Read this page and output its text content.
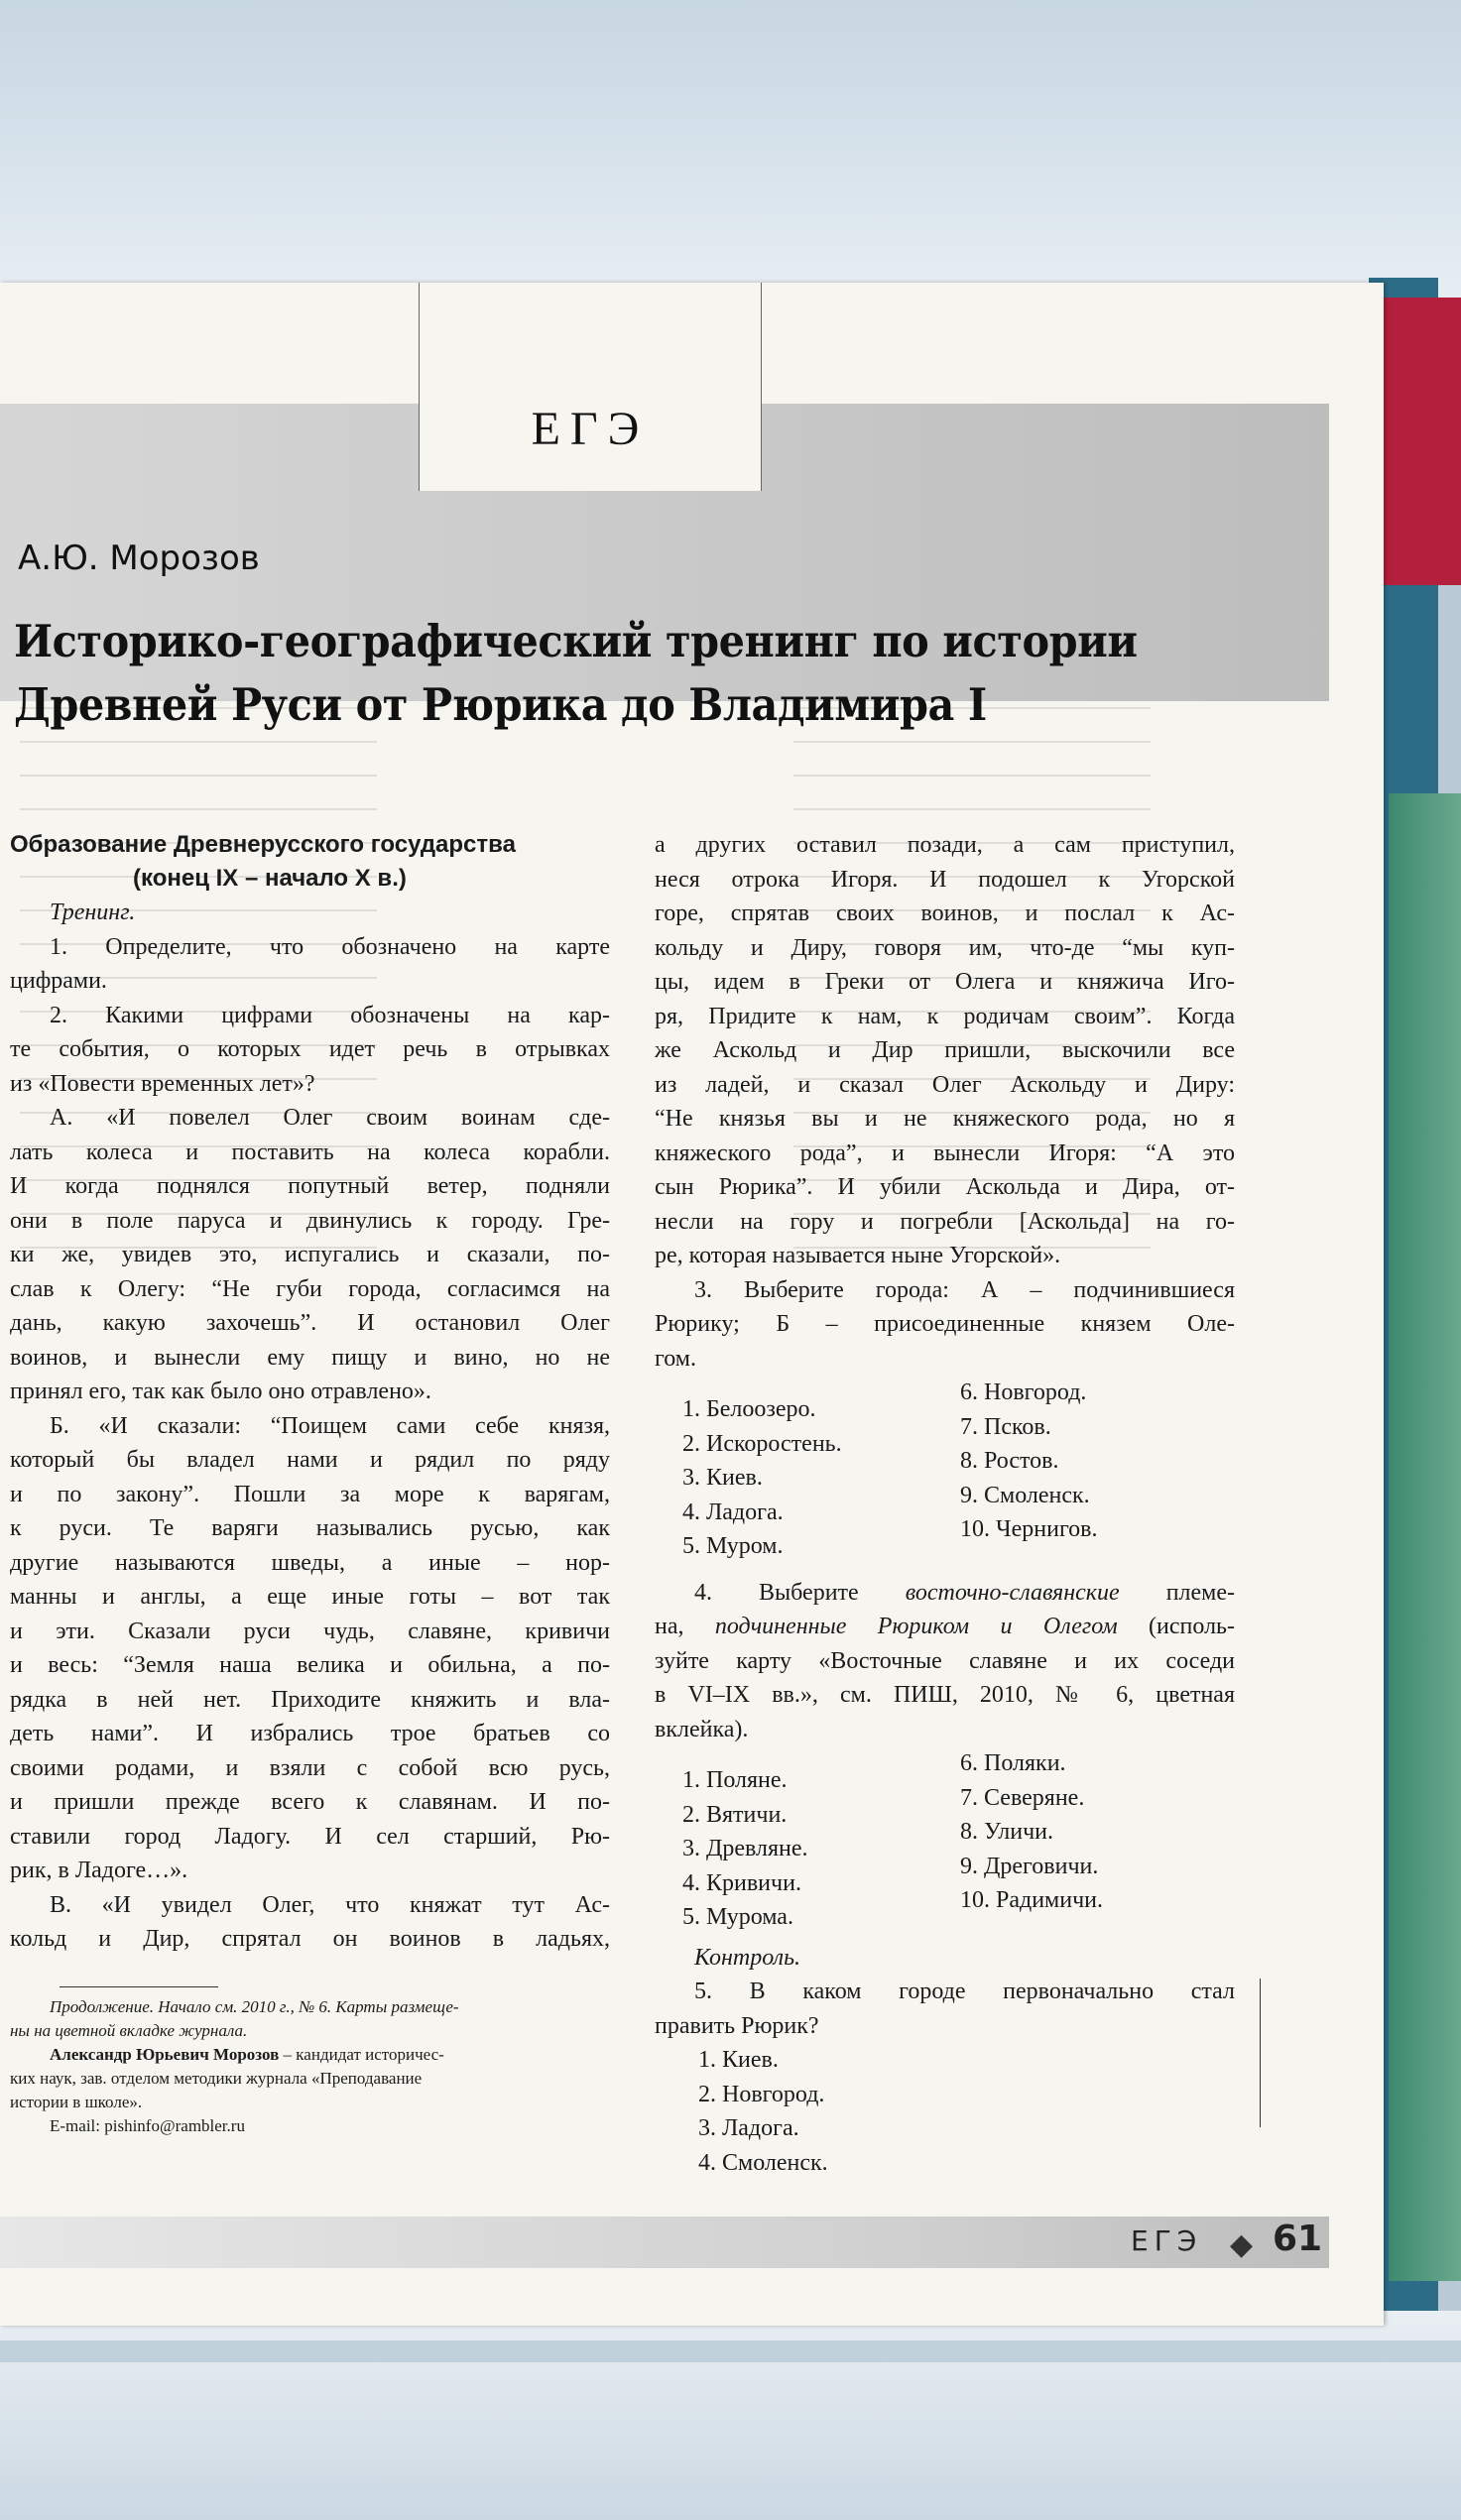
ЕГЭ
А.Ю. Морозов
Историко-географический тренинг по истории
Древней Руси от Рюрика до Владимира I
Образование Древнерусского государства
(конец IX – начало X в.)

Тренинг.

1. Определите, что обозначено на карте

цифрами.

2. Какими цифрами обозначены на кар-

те события, о которых идет речь в отрывках

из «Повести временных лет»?

А. «И повелел Олег своим воинам сде-

лать колеса и поставить на колеса корабли.

И когда поднялся попутный ветер, подняли

они в поле паруса и двинулись к городу. Гре-

ки же, увидев это, испугались и сказали, по-

слав к Олегу: “Не губи города, согласимся на

дань, какую захочешь”. И остановил Олег

воинов, и вынесли ему пищу и вино, но не

принял его, так как было оно отравлено».

Б. «И сказали: “Поищем сами себе князя,

который бы владел нами и рядил по ряду

и по закону”. Пошли за море к варягам,

к руси. Те варяги назывались русью, как

другие называются шведы, а иные – нор-

манны и англы, а еще иные готы – вот так

и эти. Сказали руси чудь, славяне, кривичи

и весь: “Земля наша велика и обильна, а по-

рядка в ней нет. Приходите княжить и вла-

деть нами”. И избрались трое братьев со

своими родами, и взяли с собой всю русь,

и пришли прежде всего к славянам. И по-

ставили город Ладогу. И сел старший, Рю-

рик, в Ладоге…».

В. «И увидел Олег, что княжат тут Ас-

кольд и Дир, спрятал он воинов в ладьях,

Продолжение. Начало см. 2010 г., № 6. Карты размеще-

ны на цветной вкладке журнала.

Александр Юрьевич Морозов – кандидат историчес-

ких наук, зав. отделом методики журнала «Преподавание

истории в школе».

E-mail: pishinfo@rambler.ru

а других оставил позади, а сам приступил,

неся отрока Игоря. И подошел к Угорской

горе, спрятав своих воинов, и послал к Ас-

кольду и Диру, говоря им, что-де “мы куп-

цы, идем в Греки от Олега и княжича Иго-

ря, Придите к нам, к родичам своим”. Когда

же Аскольд и Дир пришли, выскочили все

из ладей, и сказал Олег Аскольду и Диру:

“Не князья вы и не княжеского рода, но я

княжеского рода”, и вынесли Игоря: “А это

сын Рюрика”. И убили Аскольда и Дира, от-

несли на гору и погребли [Аскольда] на го-

ре, которая называется ныне Угорской».

3. Выберите города: А – подчинившиеся

Рюрику; Б – присоединенные князем Оле-

гом.

1. Белоозеро.
2. Искоростень.
3. Киев.
4. Ладога.
5. Муром.
6. Новгород.
7. Псков.
8. Ростов.
9. Смоленск.
10. Чернигов.

4. Выберите восточно-славянские племе-

на, подчиненные Рюриком и Олегом (исполь-

зуйте карту «Восточные славяне и их соседи

в VI–IX вв.», см. ПИШ, 2010, № 6, цветная

вклейка).

1. Поляне.
2. Вятичи.
3. Древляне.
4. Кривичи.
5. Мурома.
6. Поляки.
7. Северяне.
8. Уличи.
9. Дреговичи.
10. Радимичи.

Контроль.

5. В каком городе первоначально стал

править Рюрик?

1. Киев.
2. Новгород.
3. Ладога.
4. Смоленск.
ЕГЭ ◆ 61
